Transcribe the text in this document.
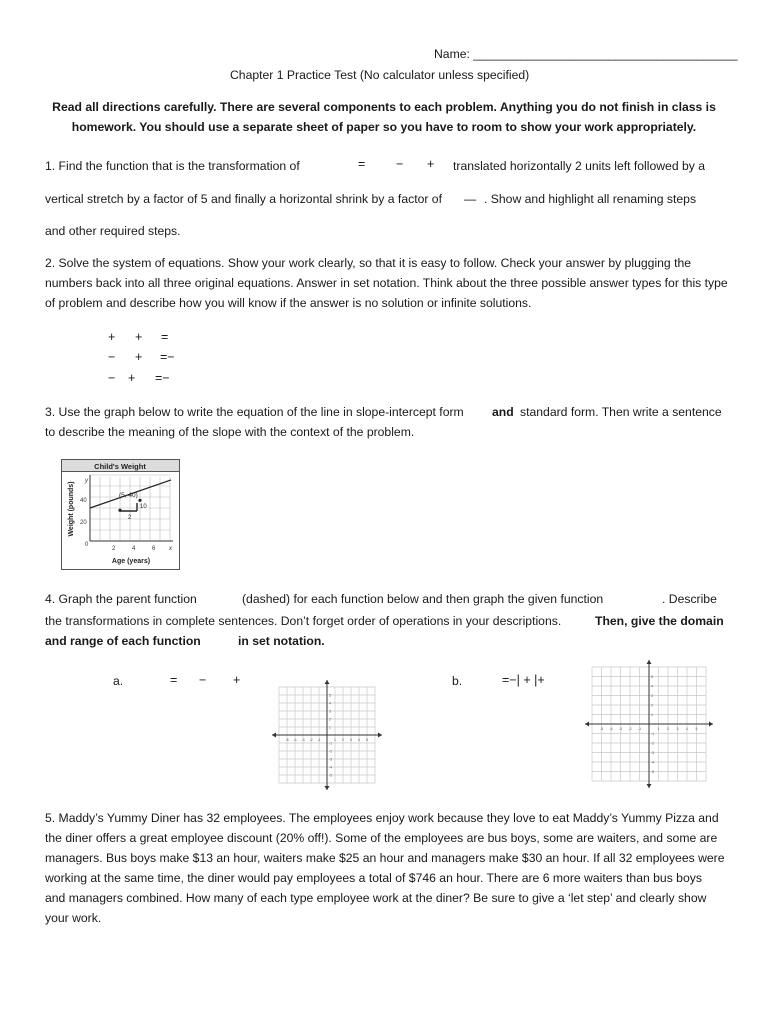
Name: _______________________________________
Chapter 1 Practice Test (No calculator unless specified)
Read all directions carefully. There are several components to each problem. Anything you do not finish in class is homework. You should use a separate sheet of paper so you have to room to show your work appropriately.
1. Find the function that is the transformation of	= − + translated horizontally 2 units left followed by a
vertical stretch by a factor of 5 and finally a horizontal shrink by a factor of — . Show and highlight all renaming steps
and other required steps.
2. Solve the system of equations. Show your work clearly, so that it is easy to follow. Check your answer by plugging the numbers back into all three original equations. Answer in set notation. Think about the three possible answer types for this type of problem and describe how you will know if the answer is no solution or infinite solutions.
+ + =
− + =−
− + =−
3. Use the graph below to write the equation of the line in slope-intercept form and standard form. Then write a sentence to describe the meaning of the slope with the context of the problem.
Child's Weight
y
40
20
0
2	4	6 x
Age (years)
Weight (pounds)	(5, 40)
10
2
4. Graph the parent function	(dashed) for each function below and then graph the given function	. Describe
the transformations in complete sentences. Don’t forget order of operations in your descriptions.	Then, give the domain
and range of each function	in set notation.
a.	= − +	b.	=−| + |+
-5
5
-4
4
-3
3
-2
2
-1
1
1
-1
2
-2
3
-3
4
-4
5
-5
-5
5
-4
4
-3
3
-2
2
-1
1
1
-1
2
-2
3
-3
4
-4
5
-5
5. Maddy’s Yummy Diner has 32 employees. The employees enjoy work because they love to eat Maddy’s Yummy Pizza and the diner offers a great employee discount (20% off!). Some of the employees are bus boys, some are waiters, and some are managers. Bus boys make $13 an hour, waiters make $25 an hour and managers make $30 an hour. If all 32 employees were working at the same time, the diner would pay employees a total of $746 an hour. There are 6 more waiters than bus boys and managers combined. How many of each type employee work at the diner? Be sure to give a ‘let step’ and clearly show your work.
